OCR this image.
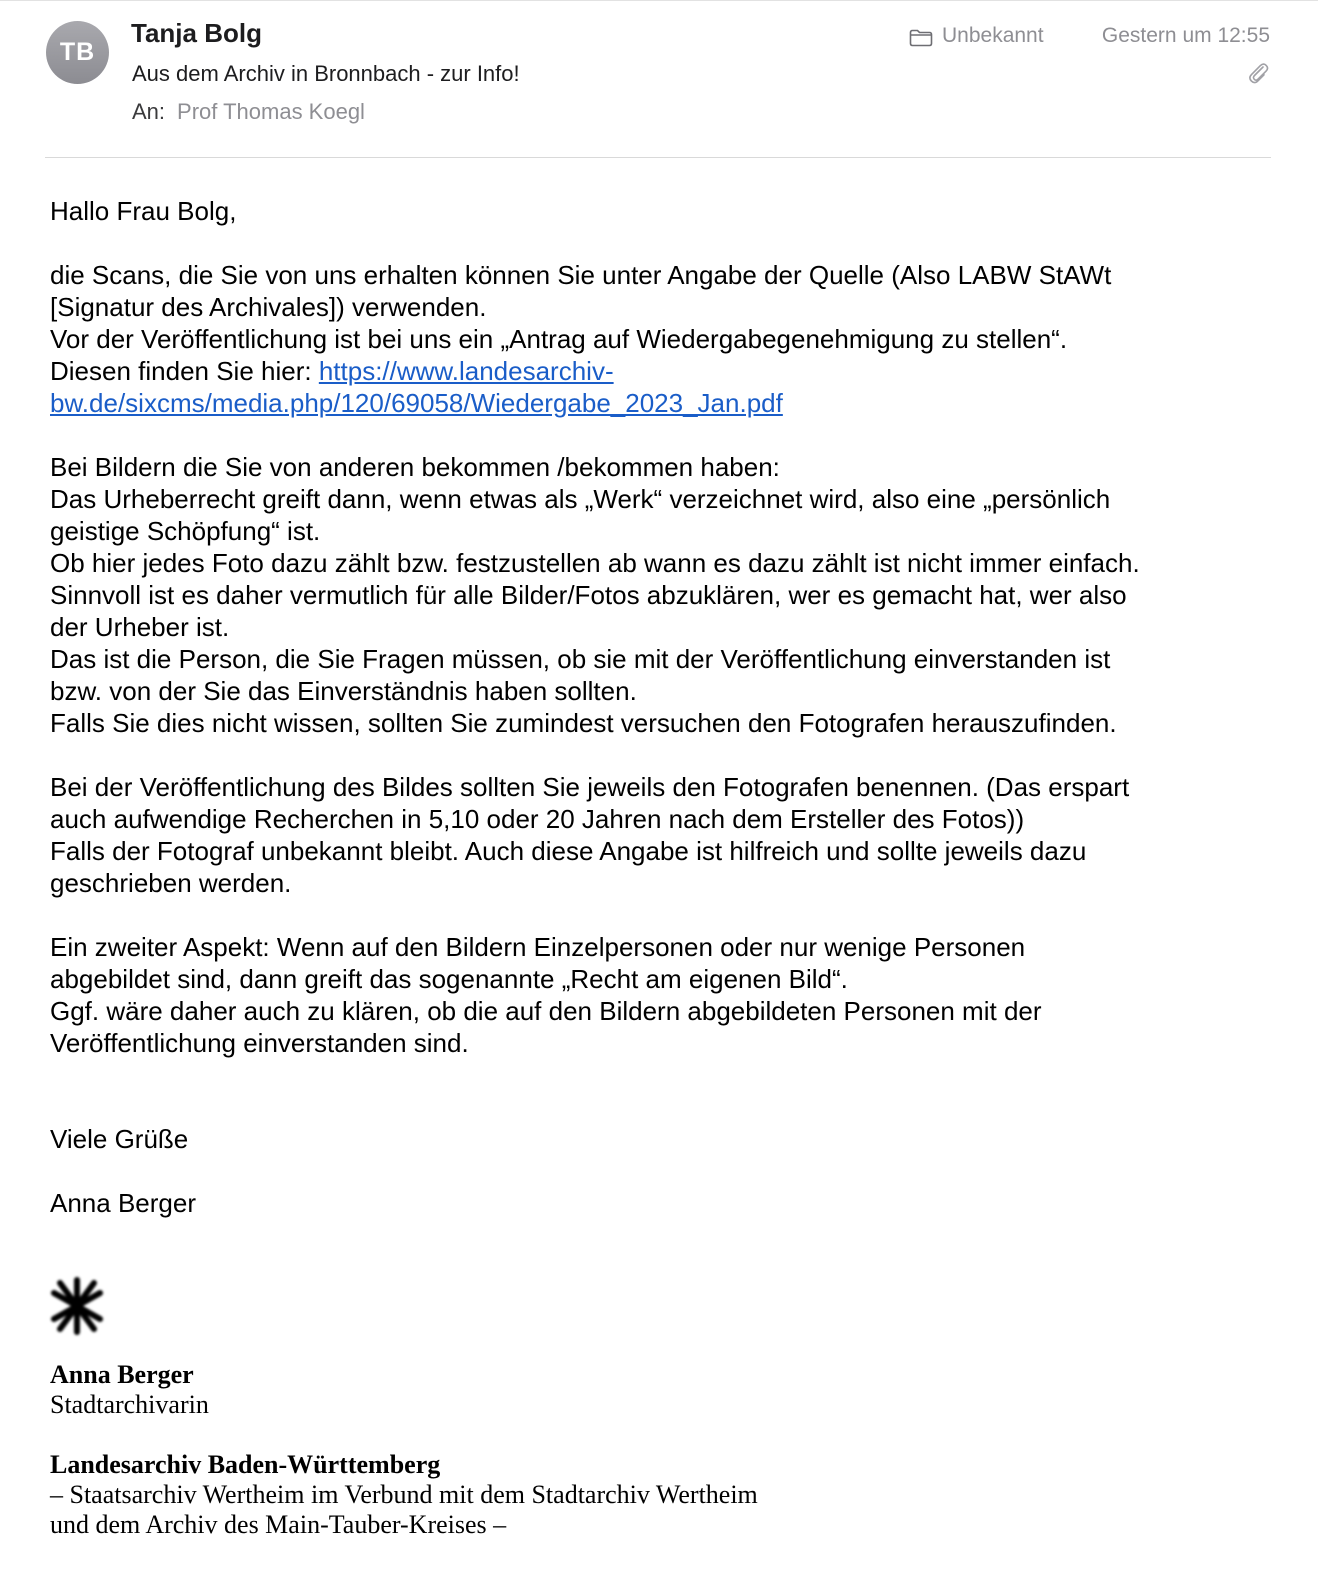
TB
Tanja Bolg
Aus dem Archiv in Bronnbach - zur Info!
An: Prof Thomas Koegl
Unbekannt	Gestern um 12:55

Hallo Frau Bolg,

die Scans, die Sie von uns erhalten können Sie unter Angabe der Quelle (Also LABW StAWt

[Signatur des Archivales]) verwenden.

Vor der Veröffentlichung ist bei uns ein „Antrag auf Wiedergabegenehmigung zu stellen“.

Diesen finden Sie hier: https://www.landesarchiv-

bw.de/sixcms/media.php/120/69058/Wiedergabe_2023_Jan.pdf

Bei Bildern die Sie von anderen bekommen /bekommen haben:

Das Urheberrecht greift dann, wenn etwas als „Werk“ verzeichnet wird, also eine „persönlich

geistige Schöpfung“ ist.

Ob hier jedes Foto dazu zählt bzw. festzustellen ab wann es dazu zählt ist nicht immer einfach.

Sinnvoll ist es daher vermutlich für alle Bilder/Fotos abzuklären, wer es gemacht hat, wer also

der Urheber ist.

Das ist die Person, die Sie Fragen müssen, ob sie mit der Veröffentlichung einverstanden ist

bzw. von der Sie das Einverständnis haben sollten.

Falls Sie dies nicht wissen, sollten Sie zumindest versuchen den Fotografen herauszufinden.

Bei der Veröffentlichung des Bildes sollten Sie jeweils den Fotografen benennen. (Das erspart

auch aufwendige Recherchen in 5,10 oder 20 Jahren nach dem Ersteller des Fotos))

Falls der Fotograf unbekannt bleibt. Auch diese Angabe ist hilfreich und sollte jeweils dazu

geschrieben werden.

Ein zweiter Aspekt: Wenn auf den Bildern Einzelpersonen oder nur wenige Personen

abgebildet sind, dann greift das sogenannte „Recht am eigenen Bild“.

Ggf. wäre daher auch zu klären, ob die auf den Bildern abgebildeten Personen mit der

Veröffentlichung einverstanden sind.

Viele Grüße

Anna Berger

Anna Berger
Stadtarchivarin
Landesarchiv Baden-Württemberg
– Staatsarchiv Wertheim im Verbund mit dem Stadtarchiv Wertheim
und dem Archiv des Main-Tauber-Kreises –
